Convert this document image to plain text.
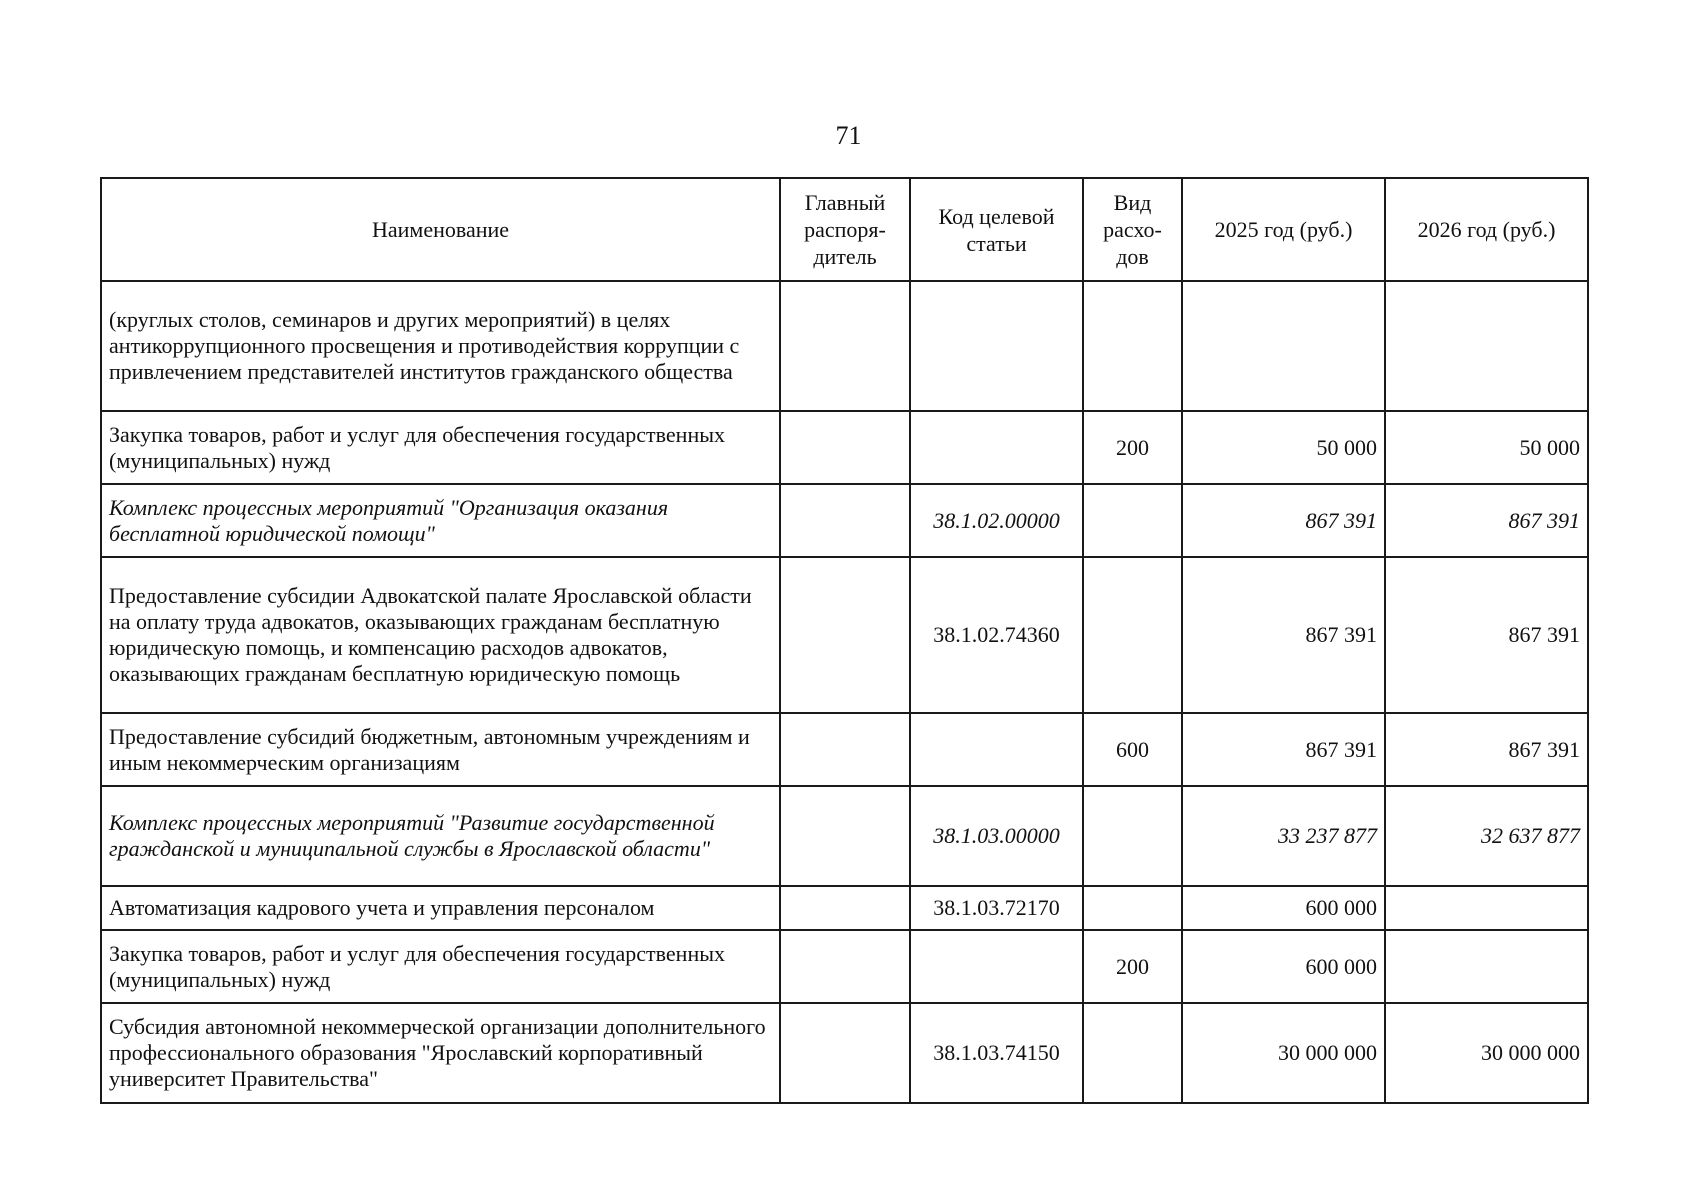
71
Наименование	Главный распоря-дитель	Код целевой статьи	Вид расхо-дов	2025 год (руб.)	2026 год (руб.)
(круглых столов, семинаров и других мероприятий) в целях антикоррупционного просвещения и противодействия коррупции с привлечением представителей институтов гражданского общества					
Закупка товаров, работ и услуг для обеспечения государственных (муниципальных) нужд			200	50 000	50 000
Комплекс процессных мероприятий "Организация оказания бесплатной юридической помощи"		38.1.02.00000		867 391	867 391
Предоставление субсидии Адвокатской палате Ярославской области на оплату труда адвокатов, оказывающих гражданам бесплатную юридическую помощь, и компенсацию расходов адвокатов, оказывающих гражданам бесплатную юридическую помощь		38.1.02.74360		867 391	867 391
Предоставление субсидий бюджетным, автономным учреждениям и иным некоммерческим организациям			600	867 391	867 391
Комплекс процессных мероприятий "Развитие государственной гражданской и муниципальной службы в Ярославской области"		38.1.03.00000		33 237 877	32 637 877
Автоматизация кадрового учета и управления персоналом		38.1.03.72170		600 000	
Закупка товаров, работ и услуг для обеспечения государственных (муниципальных) нужд			200	600 000	
Субсидия автономной некоммерческой организации дополнительного профессионального образования "Ярославский корпоративный университет Правительства"		38.1.03.74150		30 000 000	30 000 000
